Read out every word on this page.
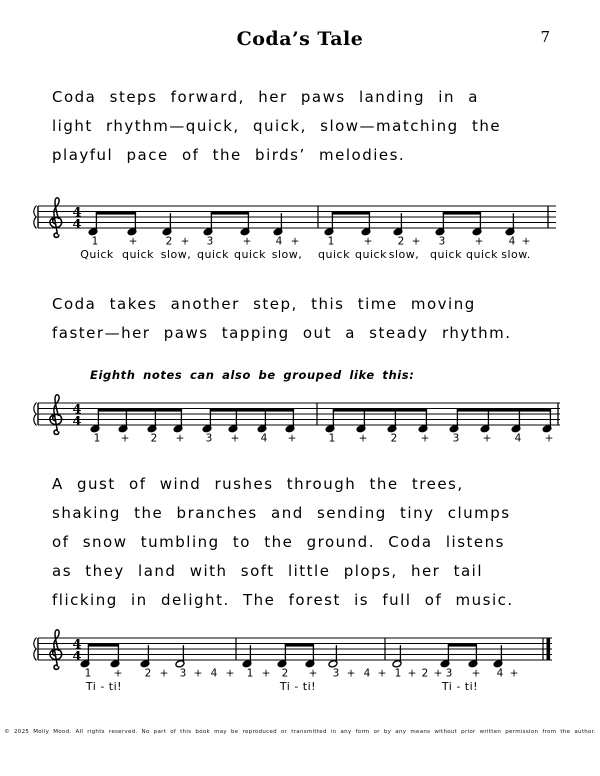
7
Coda’s Tale
Coda steps forward, her paws landing in a
light rhythm—quick, quick, slow—matching the
playful pace of the birds’ melodies.
4
4
1	+	2 + 3	+ 4 +	1	+ 2 + 3	+ 4 +
Quick quick slow, quick quick slow, quick quick slow, quick quick slow.
Coda takes another step, this time moving
faster—her paws tapping out a steady rhythm.
Eighth notes can also be grouped like this:
4
4
1 + 2 + 3 + 4 +	1 + 2 + 3 + 4 +
A gust of wind rushes through the trees,
shaking the branches and sending tiny clumps
of snow tumbling to the ground. Coda listens
as they land with soft little plops, her tail
flicking in delight. The forest is full of music.
4
4
1 + 2 + 3 + 4 + 1 + 2 + 3 + 4 + 1 + 2 + 3 + 4 +
Ti - ti!	Ti - ti!	Ti - ti!
© 2025 Molly Mood. All rights reserved. No part of this book may be reproduced or transmitted in any form or by any means without prior written permission from the author.
